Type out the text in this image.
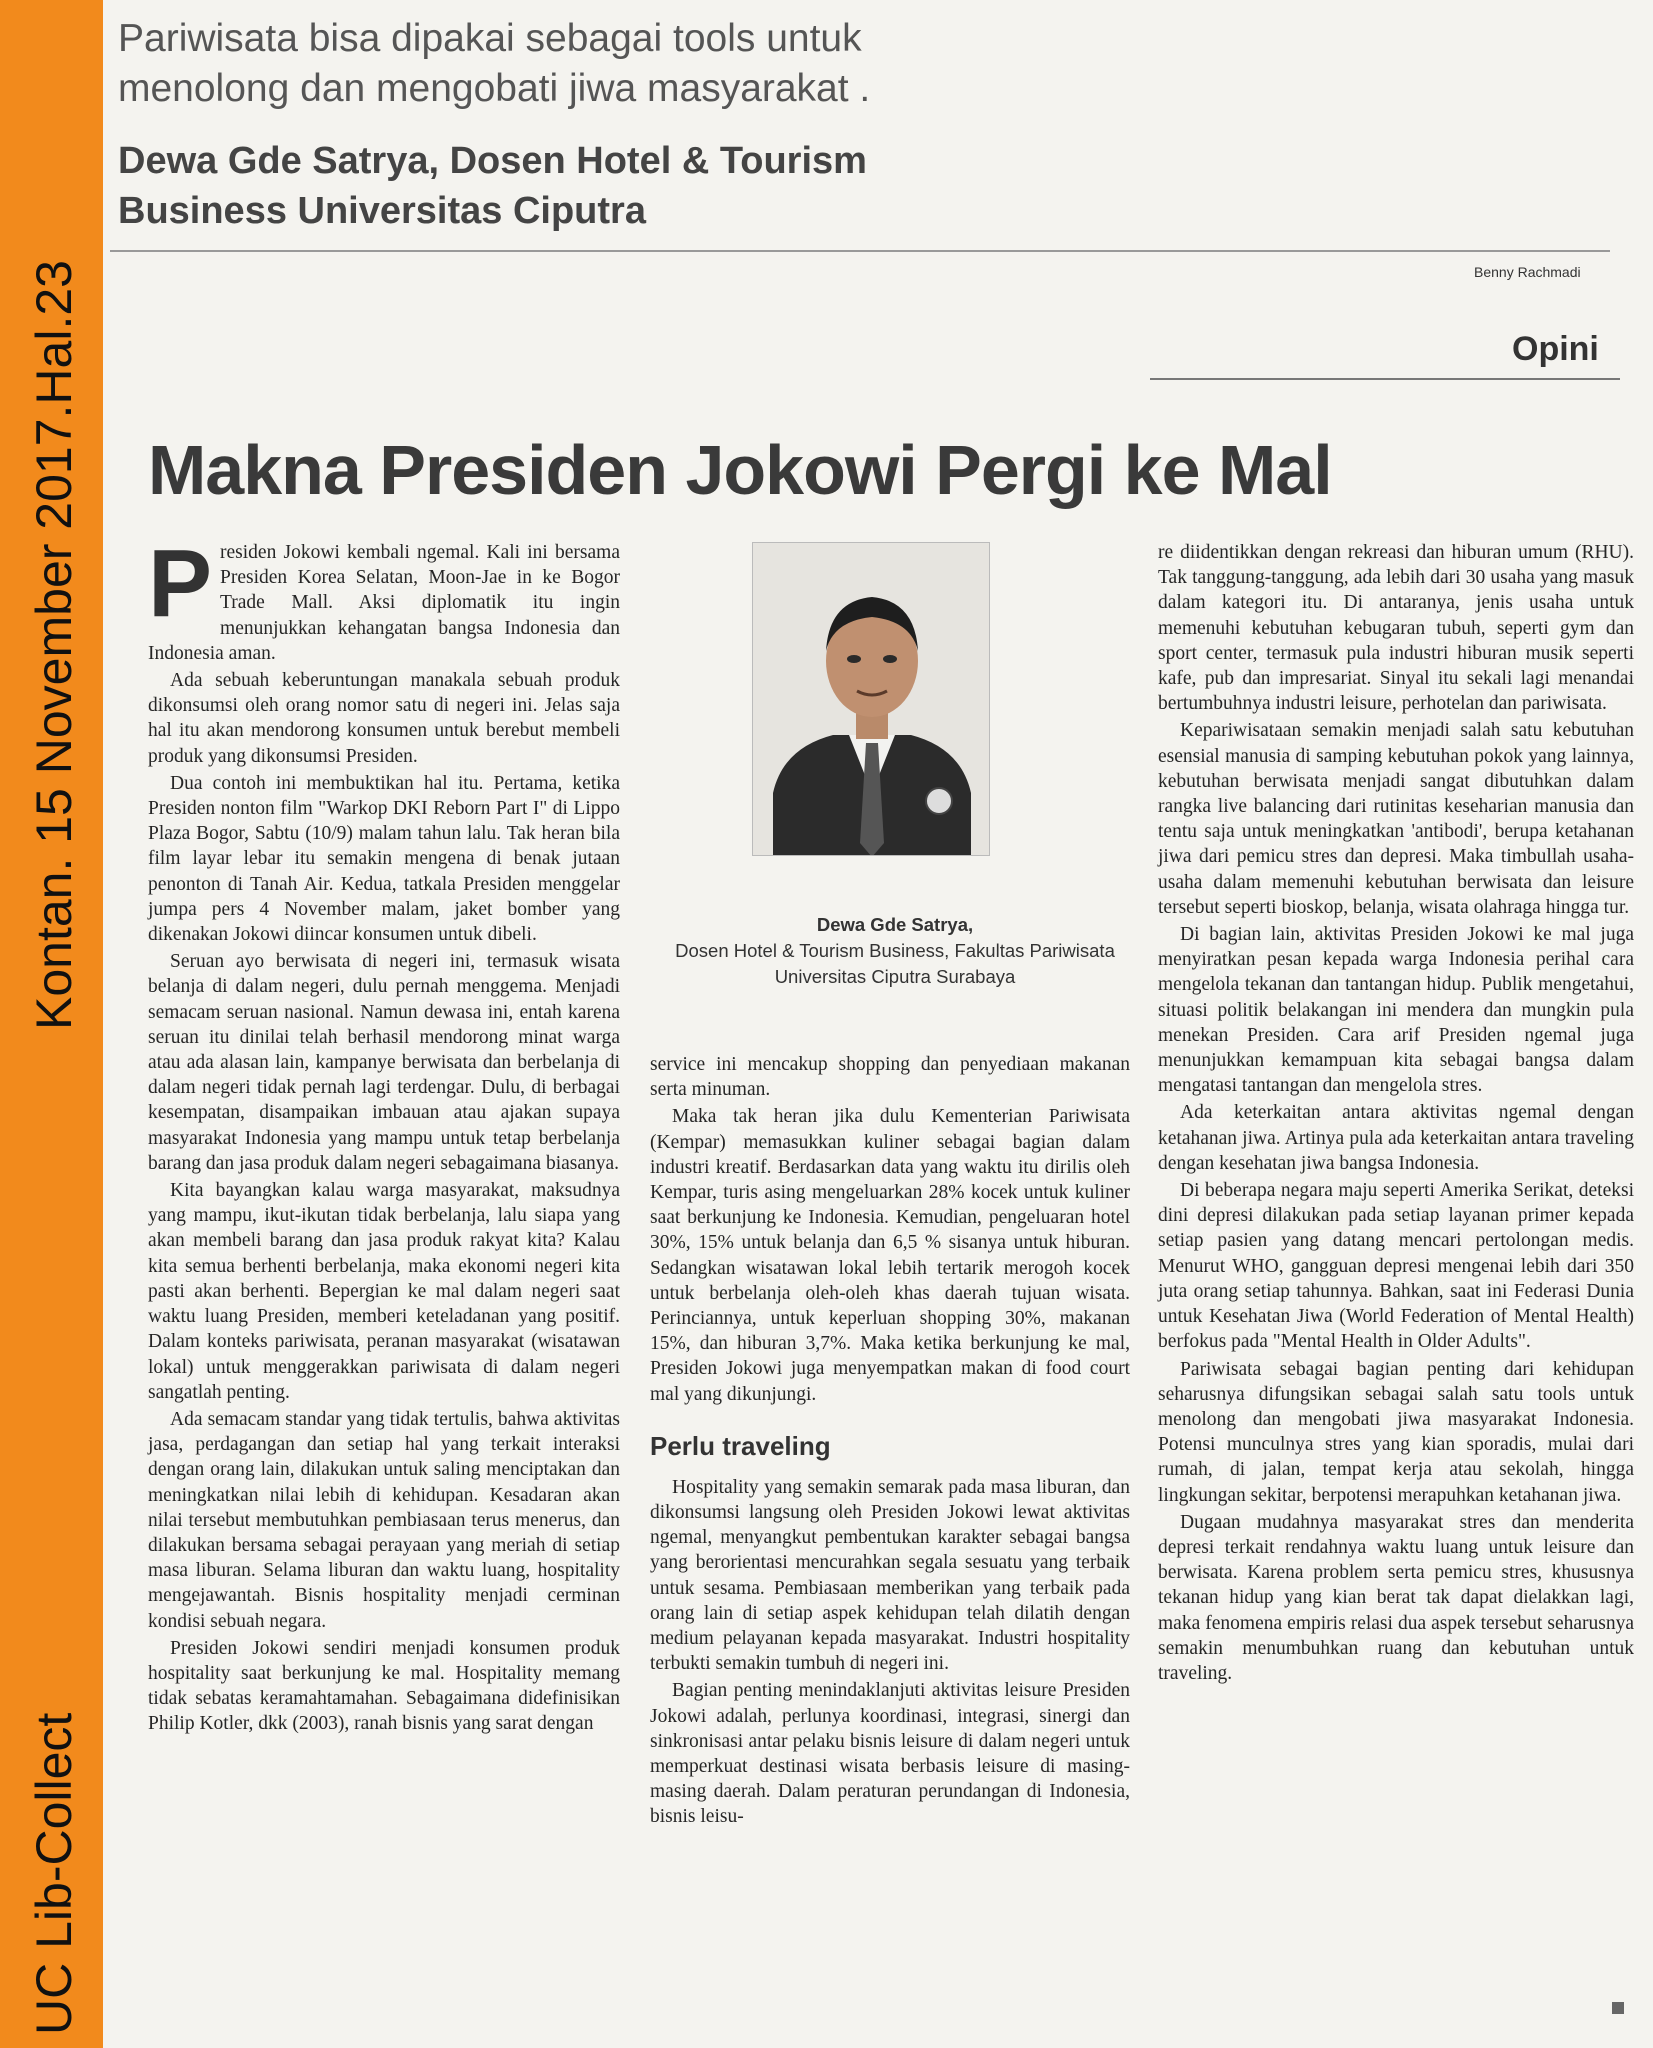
Kontan. 15 November 2017.Hal.23
UC Lib-Collect
Pariwisata bisa dipakai sebagai tools untuk menolong dan mengobati jiwa masyarakat .
Dewa Gde Satrya, Dosen Hotel & Tourism Business Universitas Ciputra
Benny Rachmadi
Opini
Makna Presiden Jokowi Pergi ke Mal

Presiden Jokowi kembali ngemal. Kali ini bersama Presiden Korea Selatan, Moon-Jae in ke Bogor Trade Mall. Aksi diplomatik itu ingin menunjukkan kehangatan bangsa Indonesia dan Indonesia aman.

Ada sebuah keberuntungan manakala sebuah produk dikonsumsi oleh orang nomor satu di negeri ini. Jelas saja hal itu akan mendorong konsumen untuk berebut membeli produk yang dikonsumsi Presiden.

Dua contoh ini membuktikan hal itu. Pertama, ketika Presiden nonton film "Warkop DKI Reborn Part I" di Lippo Plaza Bogor, Sabtu (10/9) malam tahun lalu. Tak heran bila film layar lebar itu semakin mengena di benak jutaan penonton di Tanah Air. Kedua, tatkala Presiden menggelar jumpa pers 4 November malam, jaket bomber yang dikenakan Jokowi diincar konsumen untuk dibeli.

Seruan ayo berwisata di negeri ini, termasuk wisata belanja di dalam negeri, dulu pernah menggema. Menjadi semacam seruan nasional. Namun dewasa ini, entah karena seruan itu dinilai telah berhasil mendorong minat warga atau ada alasan lain, kampanye berwisata dan berbelanja di dalam negeri tidak pernah lagi terdengar. Dulu, di berbagai kesempatan, disampaikan imbauan atau ajakan supaya masyarakat Indonesia yang mampu untuk tetap berbelanja barang dan jasa produk dalam negeri sebagaimana biasanya.

Kita bayangkan kalau warga masyarakat, maksudnya yang mampu, ikut-ikutan tidak berbelanja, lalu siapa yang akan membeli barang dan jasa produk rakyat kita? Kalau kita semua berhenti berbelanja, maka ekonomi negeri kita pasti akan berhenti. Bepergian ke mal dalam negeri saat waktu luang Presiden, memberi keteladanan yang positif. Dalam konteks pariwisata, peranan masyarakat (wisatawan lokal) untuk menggerakkan pariwisata di dalam negeri sangatlah penting.

Ada semacam standar yang tidak tertulis, bahwa aktivitas jasa, perdagangan dan setiap hal yang terkait interaksi dengan orang lain, dilakukan untuk saling menciptakan dan meningkatkan nilai lebih di kehidupan. Kesadaran akan nilai tersebut membutuhkan pembiasaan terus menerus, dan dilakukan bersama sebagai perayaan yang meriah di setiap masa liburan. Selama liburan dan waktu luang, hospitality mengejawantah. Bisnis hospitality menjadi cerminan kondisi sebuah negara.

Presiden Jokowi sendiri menjadi konsumen produk hospitality saat berkunjung ke mal. Hospitality memang tidak sebatas keramahtamahan. Sebagaimana didefinisikan Philip Kotler, dkk (2003), ranah bisnis yang sarat dengan

Dewa Gde Satrya,
Dosen Hotel & Tourism Business, Fakultas Pariwisata Universitas Ciputra Surabaya

service ini mencakup shopping dan penyediaan makanan serta minuman.

Maka tak heran jika dulu Kementerian Pariwisata (Kempar) memasukkan kuliner sebagai bagian dalam industri kreatif. Berdasarkan data yang waktu itu dirilis oleh Kempar, turis asing mengeluarkan 28% kocek untuk kuliner saat berkunjung ke Indonesia. Kemudian, pengeluaran hotel 30%, 15% untuk belanja dan 6,5 % sisanya untuk hiburan. Sedangkan wisatawan lokal lebih tertarik merogoh kocek untuk berbelanja oleh-oleh khas daerah tujuan wisata. Perinciannya, untuk keperluan shopping 30%, makanan 15%, dan hiburan 3,7%. Maka ketika berkunjung ke mal, Presiden Jokowi juga menyempatkan makan di food court mal yang dikunjungi.

Perlu traveling

Hospitality yang semakin semarak pada masa liburan, dan dikonsumsi langsung oleh Presiden Jokowi lewat aktivitas ngemal, menyangkut pembentukan karakter sebagai bangsa yang berorientasi mencurahkan segala sesuatu yang terbaik untuk sesama. Pembiasaan memberikan yang terbaik pada orang lain di setiap aspek kehidupan telah dilatih dengan medium pelayanan kepada masyarakat. Industri hospitality terbukti semakin tumbuh di negeri ini.

Bagian penting menindaklanjuti aktivitas leisure Presiden Jokowi adalah, perlunya koordinasi, integrasi, sinergi dan sinkronisasi antar pelaku bisnis leisure di dalam negeri untuk memperkuat destinasi wisata berbasis leisure di masing-masing daerah. Dalam peraturan perundangan di Indonesia, bisnis leisu-

re diidentikkan dengan rekreasi dan hiburan umum (RHU). Tak tanggung-tanggung, ada lebih dari 30 usaha yang masuk dalam kategori itu. Di antaranya, jenis usaha untuk memenuhi kebutuhan kebugaran tubuh, seperti gym dan sport center, termasuk pula industri hiburan musik seperti kafe, pub dan impresariat. Sinyal itu sekali lagi menandai bertumbuhnya industri leisure, perhotelan dan pariwisata.

Kepariwisataan semakin menjadi salah satu kebutuhan esensial manusia di samping kebutuhan pokok yang lainnya, kebutuhan berwisata menjadi sangat dibutuhkan dalam rangka live balancing dari rutinitas keseharian manusia dan tentu saja untuk meningkatkan 'antibodi', berupa ketahanan jiwa dari pemicu stres dan depresi. Maka timbullah usaha-usaha dalam memenuhi kebutuhan berwisata dan leisure tersebut seperti bioskop, belanja, wisata olahraga hingga tur.

Di bagian lain, aktivitas Presiden Jokowi ke mal juga menyiratkan pesan kepada warga Indonesia perihal cara mengelola tekanan dan tantangan hidup. Publik mengetahui, situasi politik belakangan ini mendera dan mungkin pula menekan Presiden. Cara arif Presiden ngemal juga menunjukkan kemampuan kita sebagai bangsa dalam mengatasi tantangan dan mengelola stres.

Ada keterkaitan antara aktivitas ngemal dengan ketahanan jiwa. Artinya pula ada keterkaitan antara traveling dengan kesehatan jiwa bangsa Indonesia.

Di beberapa negara maju seperti Amerika Serikat, deteksi dini depresi dilakukan pada setiap layanan primer kepada setiap pasien yang datang mencari pertolongan medis. Menurut WHO, gangguan depresi mengenai lebih dari 350 juta orang setiap tahunnya. Bahkan, saat ini Federasi Dunia untuk Kesehatan Jiwa (World Federation of Mental Health) berfokus pada "Mental Health in Older Adults".

Pariwisata sebagai bagian penting dari kehidupan seharusnya difungsikan sebagai salah satu tools untuk menolong dan mengobati jiwa masyarakat Indonesia. Potensi munculnya stres yang kian sporadis, mulai dari rumah, di jalan, tempat kerja atau sekolah, hingga lingkungan sekitar, berpotensi merapuhkan ketahanan jiwa.

Dugaan mudahnya masyarakat stres dan menderita depresi terkait rendahnya waktu luang untuk leisure dan berwisata. Karena problem serta pemicu stres, khususnya tekanan hidup yang kian berat tak dapat dielakkan lagi, maka fenomena empiris relasi dua aspek tersebut seharusnya semakin menumbuhkan ruang dan kebutuhan untuk traveling.
